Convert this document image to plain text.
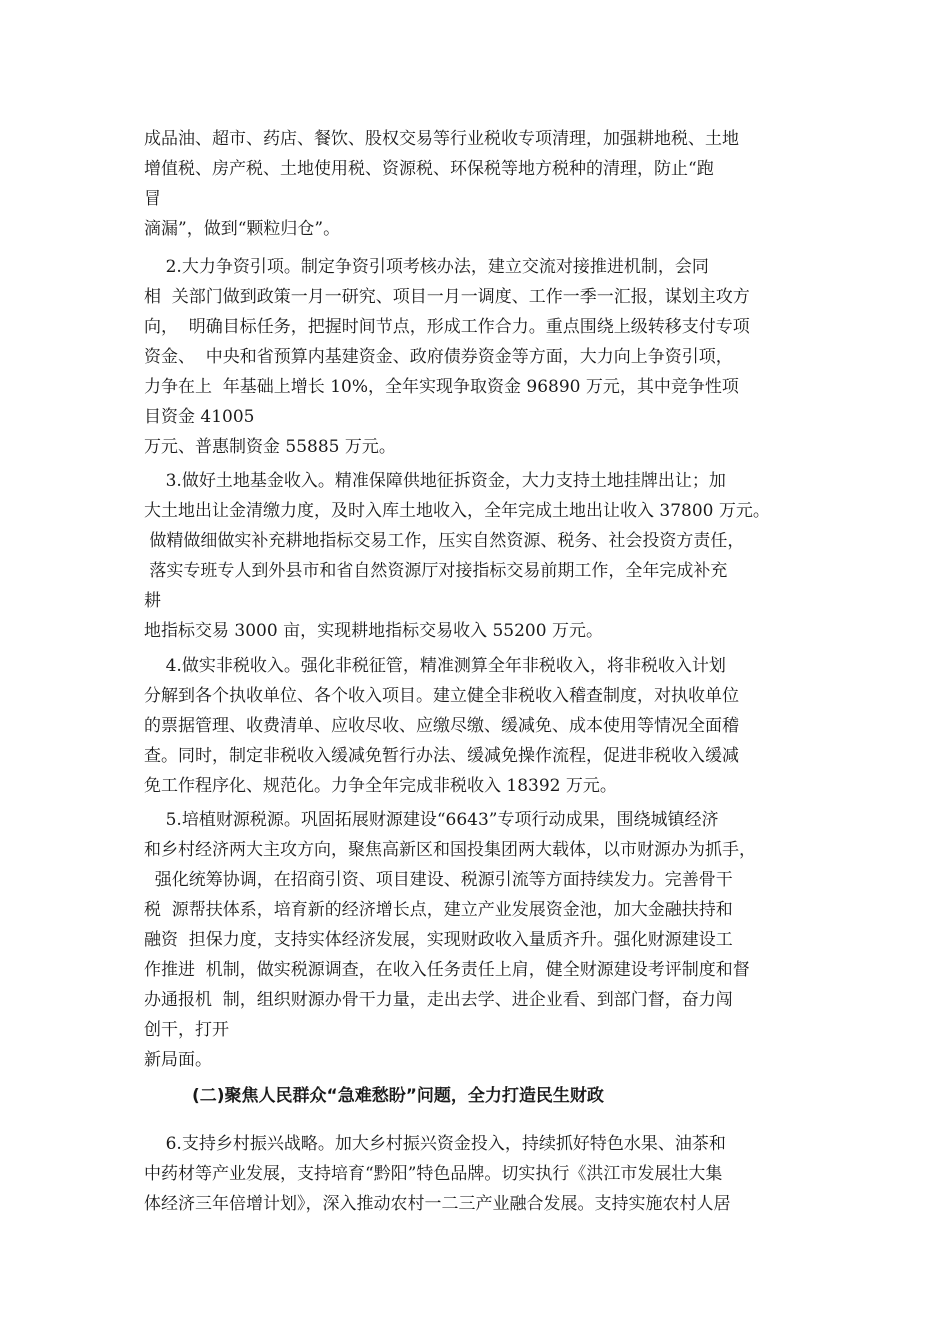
成品油、超市、药店、餐饮、股权交易等行业税收专项清理，加强耕地税、土地
增值税、房产税、土地使用税、资源税、环保税等地方税种的清理，防止“跑
冒
滴漏”，做到“颗粒归仓”。
2.大力争资引项。制定争资引项考核办法，建立交流对接推进机制，会同
相  关部门做到政策一月一研究、项目一月一调度、工作一季一汇报，谋划主攻方
向，  明确目标任务，把握时间节点，形成工作合力。重点围绕上级转移支付专项
资金、  中央和省预算内基建资金、政府债券资金等方面，大力向上争资引项，
力争在上  年基础上增长 10%，全年实现争取资金 96890 万元，其中竞争性项
目资金 41005
万元、普惠制资金 55885 万元。
3.做好土地基金收入。精准保障供地征拆资金，大力支持土地挂牌出让；加
大土地出让金清缴力度，及时入库土地收入，全年完成土地出让收入 37800 万元。
做精做细做实补充耕地指标交易工作，压实自然资源、税务、社会投资方责任，
落实专班专人到外县市和省自然资源厅对接指标交易前期工作，全年完成补充
耕
地指标交易 3000 亩，实现耕地指标交易收入 55200 万元。
4.做实非税收入。强化非税征管，精准测算全年非税收入，将非税收入计划
分解到各个执收单位、各个收入项目。建立健全非税收入稽查制度，对执收单位
的票据管理、收费清单、应收尽收、应缴尽缴、缓减免、成本使用等情况全面稽
查。同时，制定非税收入缓减免暂行办法、缓减免操作流程，促进非税收入缓减
免工作程序化、规范化。力争全年完成非税收入 18392 万元。
5.培植财源税源。巩固拓展财源建设“6643”专项行动成果，围绕城镇经济
和乡村经济两大主攻方向，聚焦高新区和国投集团两大载体，以市财源办为抓手，
强化统筹协调，在招商引资、项目建设、税源引流等方面持续发力。完善骨干
税  源帮扶体系，培育新的经济增长点，建立产业发展资金池，加大金融扶持和
融资  担保力度，支持实体经济发展，实现财政收入量质齐升。强化财源建设工
作推进  机制，做实税源调查，在收入任务责任上肩，健全财源建设考评制度和督
办通报机  制，组织财源办骨干力量，走出去学、进企业看、到部门督，奋力闯
创干，打开
新局面。
(二)聚焦人民群众“急难愁盼”问题，全力打造民生财政
6.支持乡村振兴战略。加大乡村振兴资金投入，持续抓好特色水果、油茶和
中药材等产业发展，支持培育“黔阳”特色品牌。切实执行《洪江市发展壮大集
体经济三年倍增计划》，深入推动农村一二三产业融合发展。支持实施农村人居
